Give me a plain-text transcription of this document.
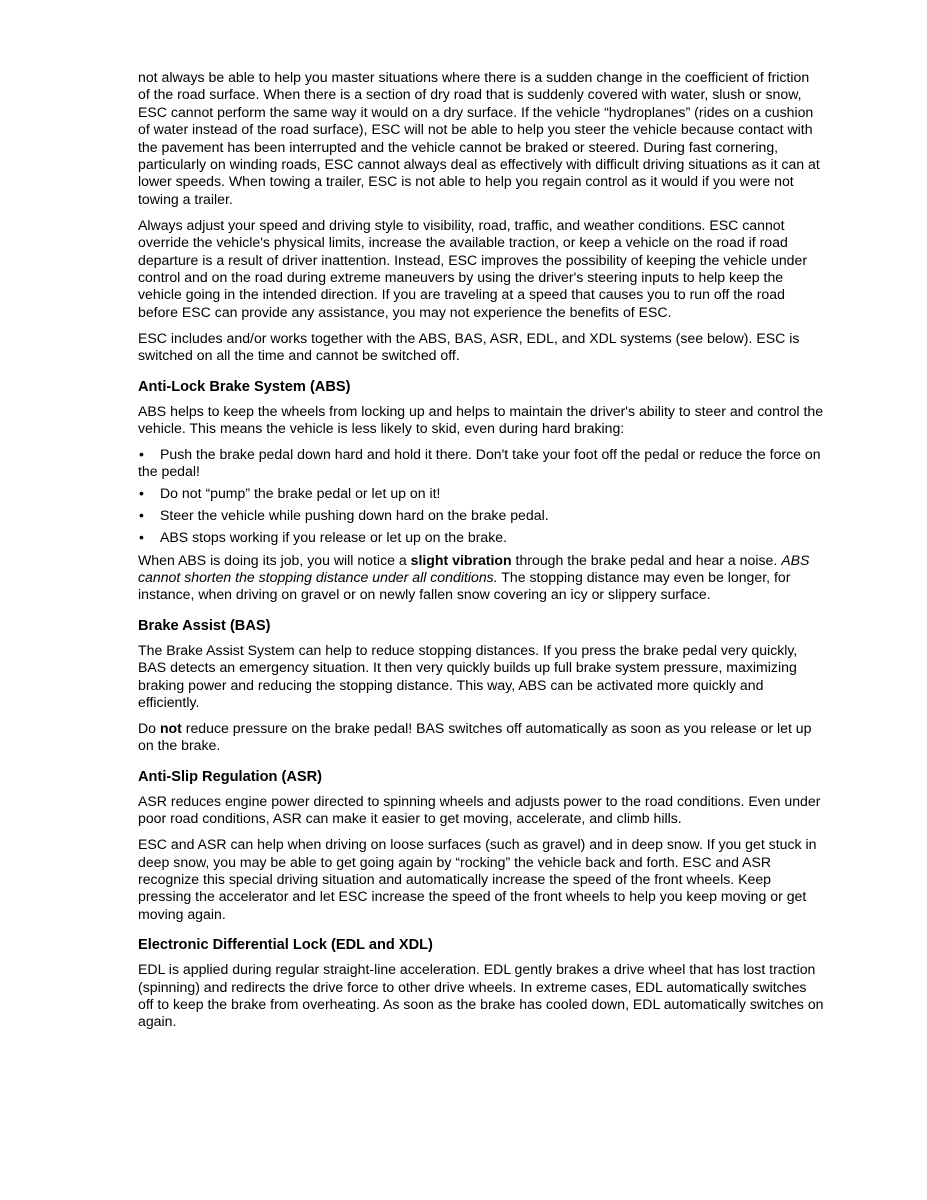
not always be able to help you master situations where there is a sudden change in the coefficient of friction of the road surface. When there is a section of dry road that is suddenly covered with water, slush or snow, ESC cannot perform the same way it would on a dry surface. If the vehicle “hydroplanes” (rides on a cushion of water instead of the road surface), ESC will not be able to help you steer the vehicle because contact with the pavement has been interrupted and the vehicle cannot be braked or steered. During fast cornering, particularly on winding roads, ESC cannot always deal as effectively with difficult driving situations as it can at lower speeds. When towing a trailer, ESC is not able to help you regain control as it would if you were not towing a trailer.

Always adjust your speed and driving style to visibility, road, traffic, and weather conditions. ESC cannot override the vehicle's physical limits, increase the available traction, or keep a vehicle on the road if road departure is a result of driver inattention. Instead, ESC improves the possibility of keeping the vehicle under control and on the road during extreme maneuvers by using the driver's steering inputs to help keep the vehicle going in the intended direction. If you are traveling at a speed that causes you to run off the road before ESC can provide any assistance, you may not experience the benefits of ESC.

ESC includes and/or works together with the ABS, BAS, ASR, EDL, and XDL systems (see below). ESC is switched on all the time and cannot be switched off.

Anti-Lock Brake System (ABS)

ABS helps to keep the wheels from locking up and helps to maintain the driver's ability to steer and control the vehicle. This means the vehicle is less likely to skid, even during hard braking:

• Push the brake pedal down hard and hold it there. Don't take your foot off the pedal or reduce the force on the pedal!
• Do not “pump” the brake pedal or let up on it!
• Steer the vehicle while pushing down hard on the brake pedal.
• ABS stops working if you release or let up on the brake.

When ABS is doing its job, you will notice a slight vibration through the brake pedal and hear a noise. ABS cannot shorten the stopping distance under all conditions. The stopping distance may even be longer, for instance, when driving on gravel or on newly fallen snow covering an icy or slippery surface.

Brake Assist (BAS)

The Brake Assist System can help to reduce stopping distances. If you press the brake pedal very quickly, BAS detects an emergency situation. It then very quickly builds up full brake system pressure, maximizing braking power and reducing the stopping distance. This way, ABS can be activated more quickly and efficiently.

Do not reduce pressure on the brake pedal! BAS switches off automatically as soon as you release or let up on the brake.

Anti-Slip Regulation (ASR)

ASR reduces engine power directed to spinning wheels and adjusts power to the road conditions. Even under poor road conditions, ASR can make it easier to get moving, accelerate, and climb hills.

ESC and ASR can help when driving on loose surfaces (such as gravel) and in deep snow. If you get stuck in deep snow, you may be able to get going again by “rocking” the vehicle back and forth. ESC and ASR recognize this special driving situation and automatically increase the speed of the front wheels. Keep pressing the accelerator and let ESC increase the speed of the front wheels to help you keep moving or get moving again.

Electronic Differential Lock (EDL and XDL)

EDL is applied during regular straight-line acceleration. EDL gently brakes a drive wheel that has lost traction (spinning) and redirects the drive force to other drive wheels. In extreme cases, EDL automatically switches off to keep the brake from overheating. As soon as the brake has cooled down, EDL automatically switches on again.
